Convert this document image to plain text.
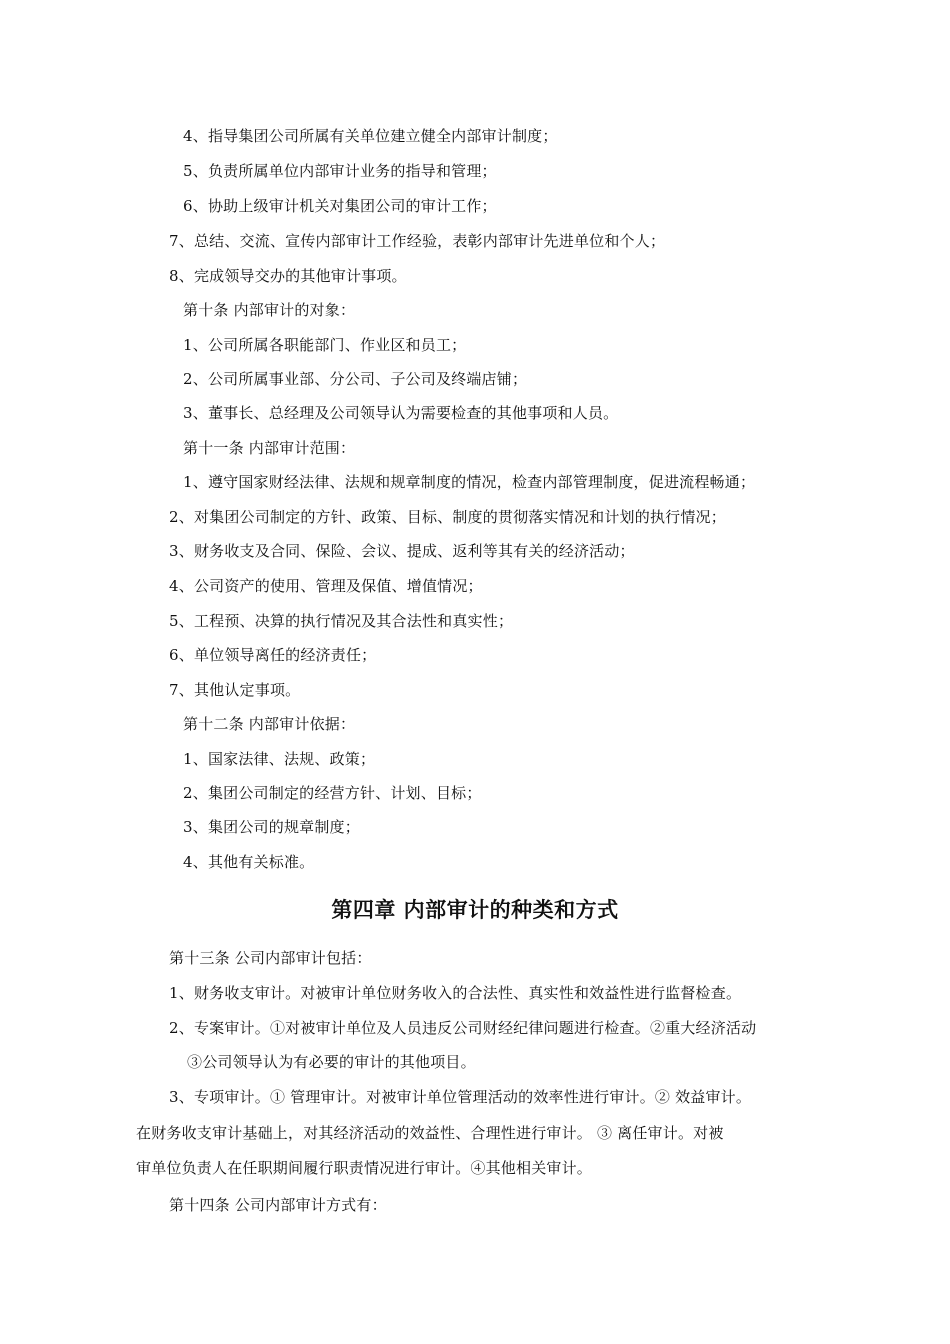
4、指导集团公司所属有关单位建立健全内部审计制度；
5、负责所属单位内部审计业务的指导和管理；
6、协助上级审计机关对集团公司的审计工作；
7、总结、交流、宣传内部审计工作经验，表彰内部审计先进单位和个人；
8、完成领导交办的其他审计事项。
第十条 内部审计的对象：
1、公司所属各职能部门、作业区和员工；
2、公司所属事业部、分公司、子公司及终端店铺；
3、董事长、总经理及公司领导认为需要检查的其他事项和人员。
第十一条 内部审计范围：
1、遵守国家财经法律、法规和规章制度的情况，检查内部管理制度，促进流程畅通；
2、对集团公司制定的方针、政策、目标、制度的贯彻落实情况和计划的执行情况；
3、财务收支及合同、保险、会议、提成、返利等其有关的经济活动；
4、公司资产的使用、管理及保值、增值情况；
5、工程预、决算的执行情况及其合法性和真实性；
6、单位领导离任的经济责任；
7、其他认定事项。
第十二条 内部审计依据：
1、国家法律、法规、政策；
2、集团公司制定的经营方针、计划、目标；
3、集团公司的规章制度；
4、其他有关标准。
第四章 内部审计的种类和方式
第十三条 公司内部审计包括：
1、财务收支审计。对被审计单位财务收入的合法性、真实性和效益性进行监督检查。
2、专案审计。①对被审计单位及人员违反公司财经纪律问题进行检查。②重大经济活动
③公司领导认为有必要的审计的其他项目。
3、专项审计。① 管理审计。对被审计单位管理活动的效率性进行审计。② 效益审计。
在财务收支审计基础上，对其经济活动的效益性、合理性进行审计。 ③ 离任审计。对被
审单位负责人在任职期间履行职责情况进行审计。④其他相关审计。
第十四条 公司内部审计方式有：
